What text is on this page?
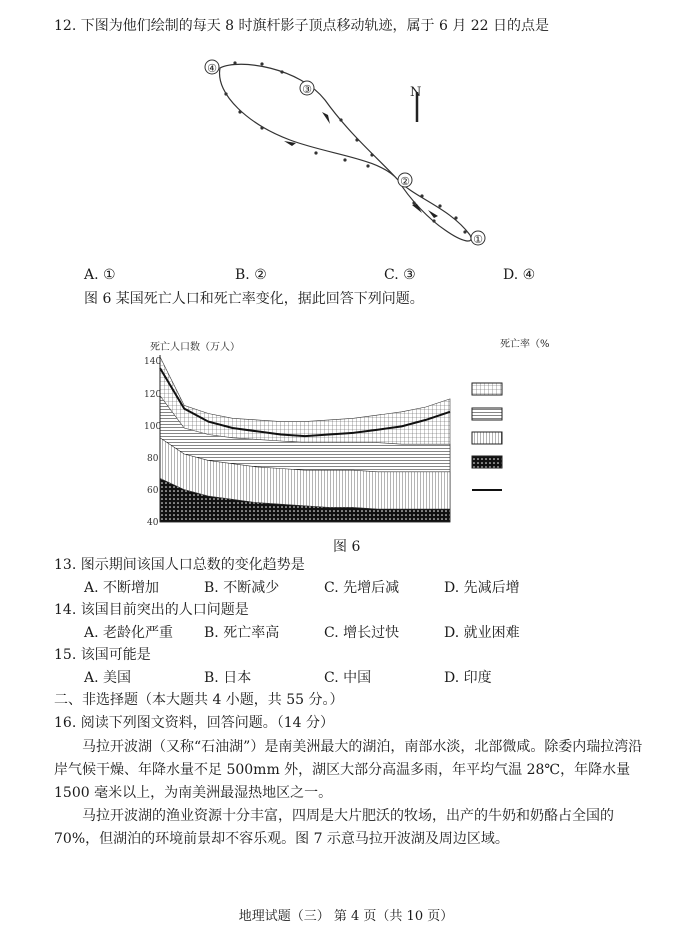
12. 下图为他们绘制的每天 8 时旗杆影子顶点移动轨迹，属于 6 月 22 日的点是
④
③
②
①
N
A. ①	B. ②	C. ③	D. ④
图 6 某国死亡人口和死亡率变化，据此回答下列问题。
死亡人口数（万人）	死亡率（%
140
120
100
80
60
40
图 6
13. 图示期间该国人口总数的变化趋势是
A. 不断增加	B. 不断减少	C. 先增后减	D. 先减后增
14. 该国目前突出的人口问题是
A. 老龄化严重 B. 死亡率高	C. 增长过快	D. 就业困难
15. 该国可能是
A. 美国	B. 日本	C. 中国	D. 印度
二、非选择题（本大题共 4 小题，共 55 分。）
16. 阅读下列图文资料，回答问题。（14 分）

马拉开波湖（又称“石油湖”）是南美洲最大的湖泊，南部水淡，北部微咸。除委内瑞拉湾沿岸气候干燥、年降水量不足 500mm 外，湖区大部分高温多雨，年平均气温 28℃，年降水量 1500 毫米以上，为南美洲最湿热地区之一。

马拉开波湖的渔业资源十分丰富，四周是大片肥沃的牧场，出产的牛奶和奶酪占全国的 70%，但湖泊的环境前景却不容乐观。图 7 示意马拉开波湖及周边区域。

地理试题（三） 第 4 页（共 10 页）
